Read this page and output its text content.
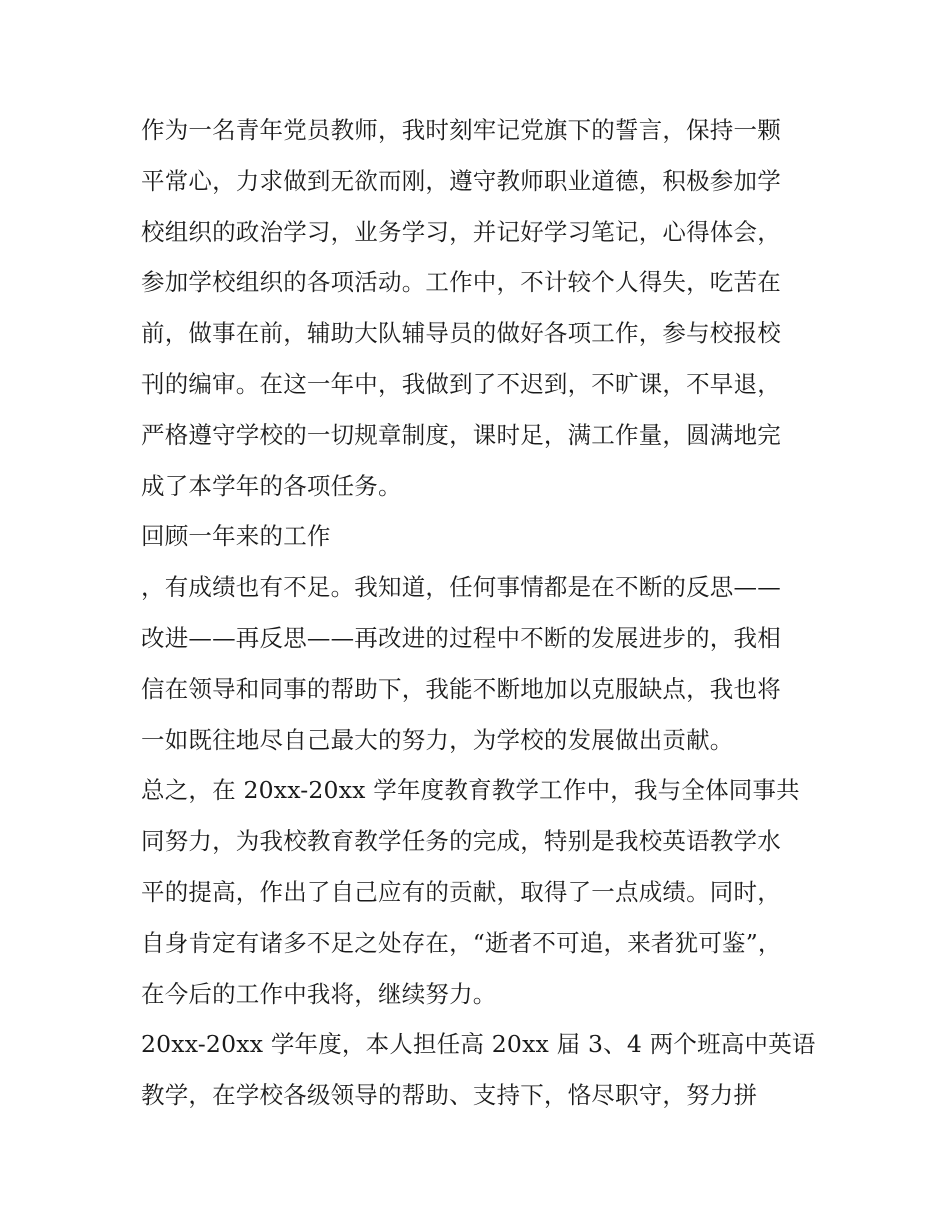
作为一名青年党员教师，我时刻牢记党旗下的誓言，保持一颗
平常心，力求做到无欲而刚，遵守教师职业道德，积极参加学
校组织的政治学习，业务学习，并记好学习笔记，心得体会，
参加学校组织的各项活动。工作中，不计较个人得失，吃苦在
前，做事在前，辅助大队辅导员的做好各项工作，参与校报校
刊的编审。在这一年中，我做到了不迟到，不旷课，不早退，
严格遵守学校的一切规章制度，课时足，满工作量，圆满地完
成了本学年的各项任务。
回顾一年来的工作
，有成绩也有不足。我知道，任何事情都是在不断的反思——
改进——再反思——再改进的过程中不断的发展进步的，我相
信在领导和同事的帮助下，我能不断地加以克服缺点，我也将
一如既往地尽自己最大的努力，为学校的发展做出贡献。
总之，在 20xx-20xx 学年度教育教学工作中，我与全体同事共
同努力，为我校教育教学任务的完成，特别是我校英语教学水
平的提高，作出了自己应有的贡献，取得了一点成绩。同时，
自身肯定有诸多不足之处存在，“逝者不可追，来者犹可鉴”，
在今后的工作中我将，继续努力。
20xx-20xx 学年度，本人担任高 20xx 届 3、4 两个班高中英语
教学，在学校各级领导的帮助、支持下，恪尽职守，努力拼
